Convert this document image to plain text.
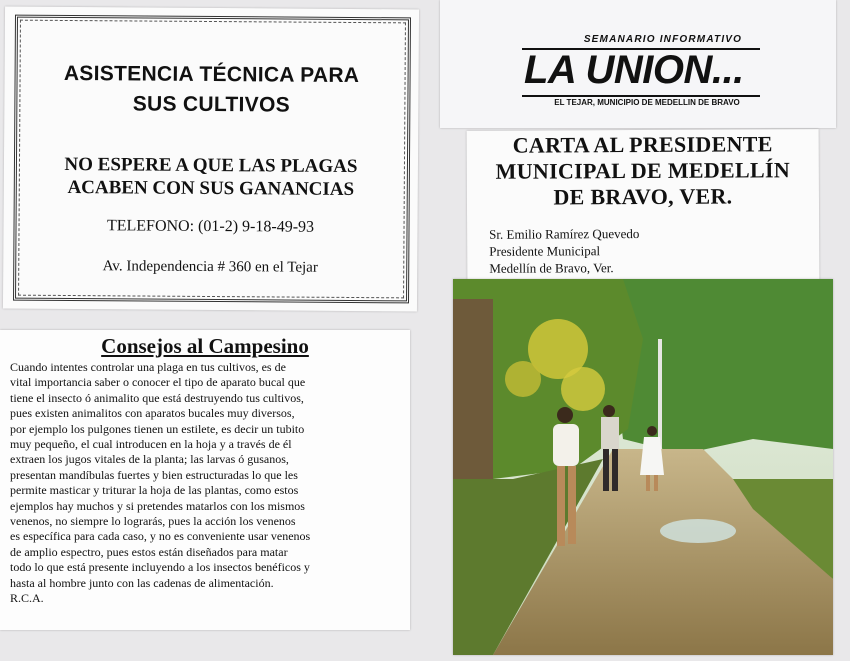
ASISTENCIA TÉCNICA PARA
SUS CULTIVOS
NO ESPERE A QUE LAS PLAGAS
ACABEN CON SUS GANANCIAS
TELEFONO: (01-2) 9-18-49-93
Av. Independencia # 360 en el Tejar
SEMANARIO INFORMATIVO
LA UNION...
EL TEJAR, MUNICIPIO DE MEDELLIN DE BRAVO
CARTA AL PRESIDENTE
MUNICIPAL DE MEDELLÍN
DE BRAVO, VER.
Sr. Emilio Ramírez Quevedo
Presidente Municipal
Medellín de Bravo, Ver.
Consejos al Campesino
Cuando intentes controlar una plaga en tus cultivos, es de
vital importancia saber o conocer el tipo de aparato bucal que
tiene el insecto ó animalito que está destruyendo tus cultivos,
pues existen animalitos con aparatos bucales muy diversos,
por ejemplo los pulgones tienen un estilete, es decir un tubito
muy pequeño, el cual introducen en la hoja y a través de él
extraen los jugos vitales de la planta; las larvas ó gusanos,
presentan mandíbulas fuertes y bien estructuradas lo que les
permite masticar y triturar la hoja de las plantas, como estos
ejemplos hay muchos y si pretendes matarlos con los mismos
venenos, no siempre lo lograrás, pues la acción los venenos
es específica para cada caso, y no es conveniente usar venenos
de amplio espectro, pues estos están diseñados para matar
todo lo que está presente incluyendo a los insectos benéficos y
hasta al hombre junto con las cadenas de alimentación.
R.C.A.
